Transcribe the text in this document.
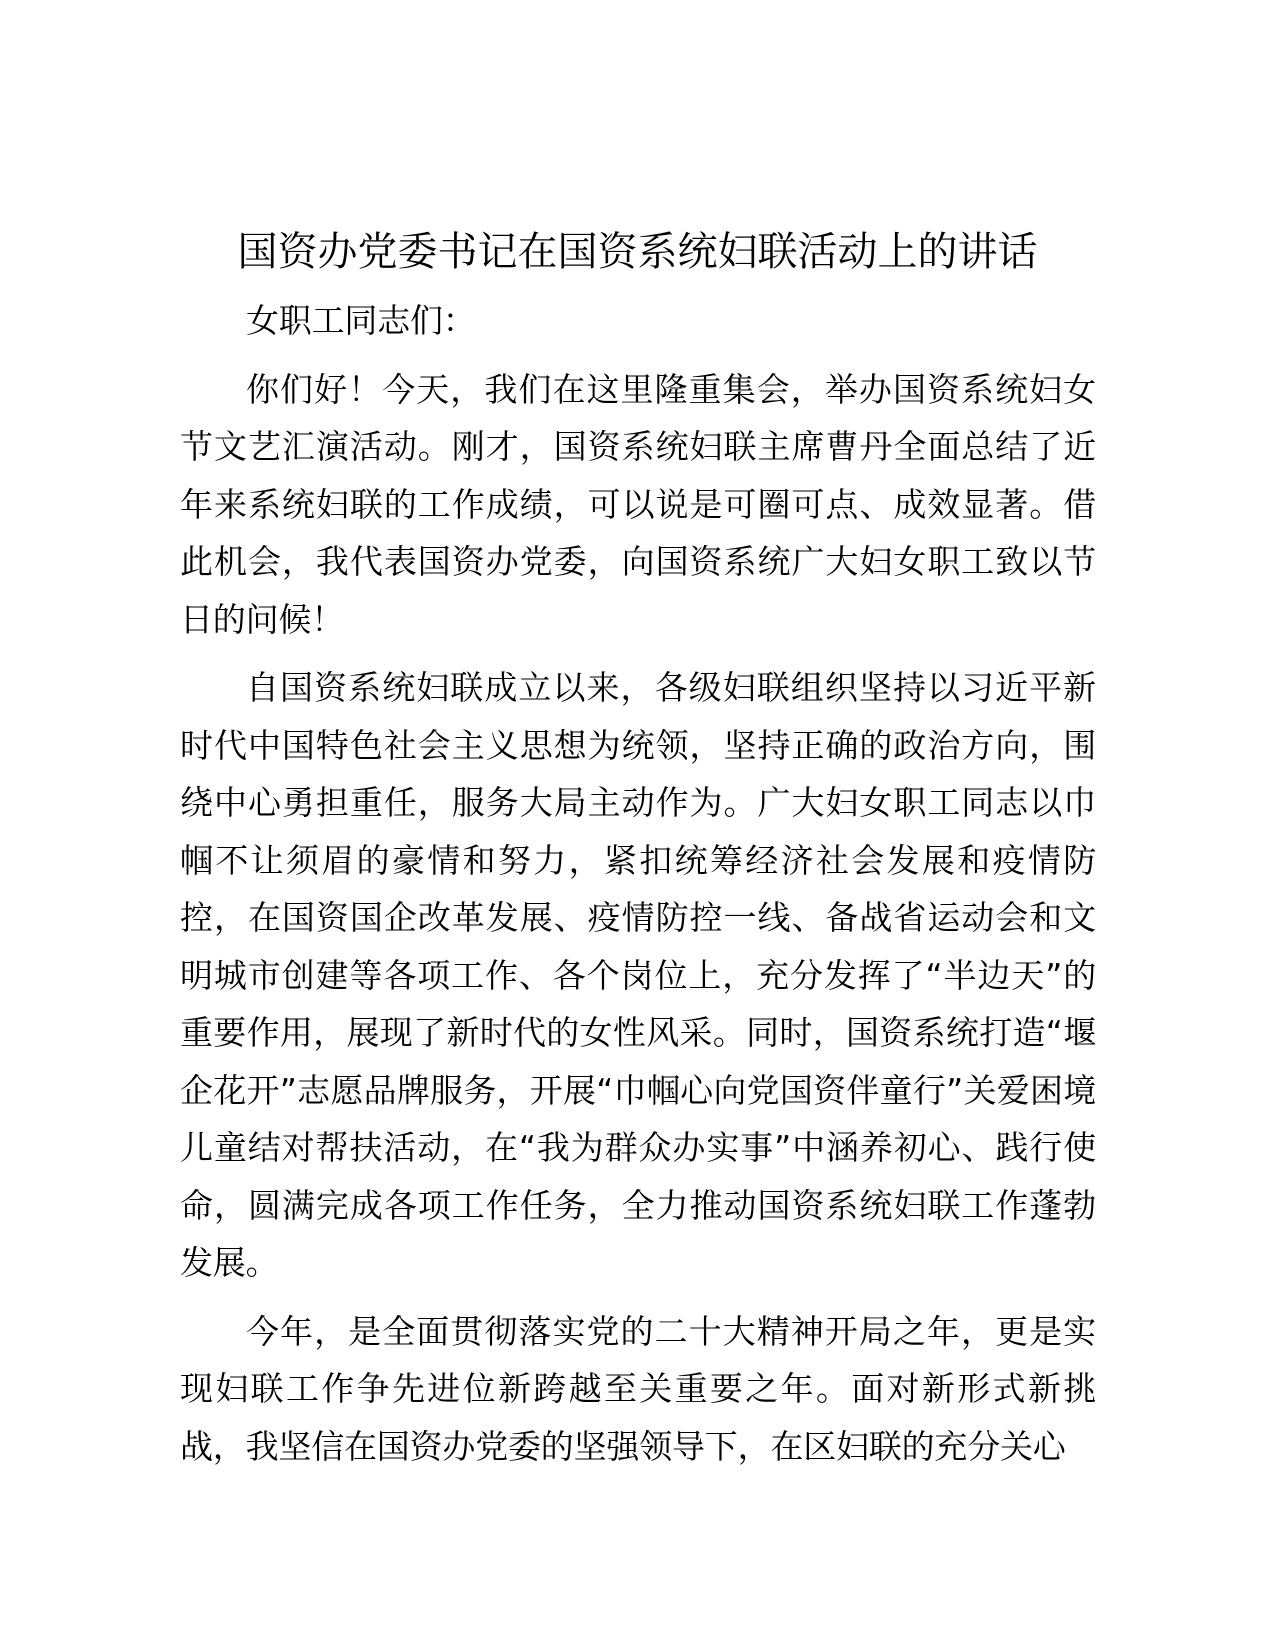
国资办党委书记在国资系统妇联活动上的讲话

女职工同志们：

你们好！今天，我们在这里隆重集会，举办国资系统妇女节文艺汇演活动。刚才，国资系统妇联主席曹丹全面总结了近年来系统妇联的工作成绩，可以说是可圈可点、成效显著。借此机会，我代表国资办党委，向国资系统广大妇女职工致以节日的问候！

自国资系统妇联成立以来，各级妇联组织坚持以习近平新时代中国特色社会主义思想为统领，坚持正确的政治方向，围绕中心勇担重任，服务大局主动作为。广大妇女职工同志以巾帼不让须眉的豪情和努力，紧扣统筹经济社会发展和疫情防控，在国资国企改革发展、疫情防控一线、备战省运动会和文明城市创建等各项工作、各个岗位上，充分发挥了“半边天”的重要作用，展现了新时代的女性风采。同时，国资系统打造“堰企花开”志愿品牌服务，开展“巾帼心向党国资伴童行”关爱困境儿童结对帮扶活动，在“我为群众办实事”中涵养初心、践行使命，圆满完成各项工作任务，全力推动国资系统妇联工作蓬勃发展。

今年，是全面贯彻落实党的二十大精神开局之年，更是实现妇联工作争先进位新跨越至关重要之年。面对新形式新挑战，我坚信在国资办党委的坚强领导下，在区妇联的充分关心
